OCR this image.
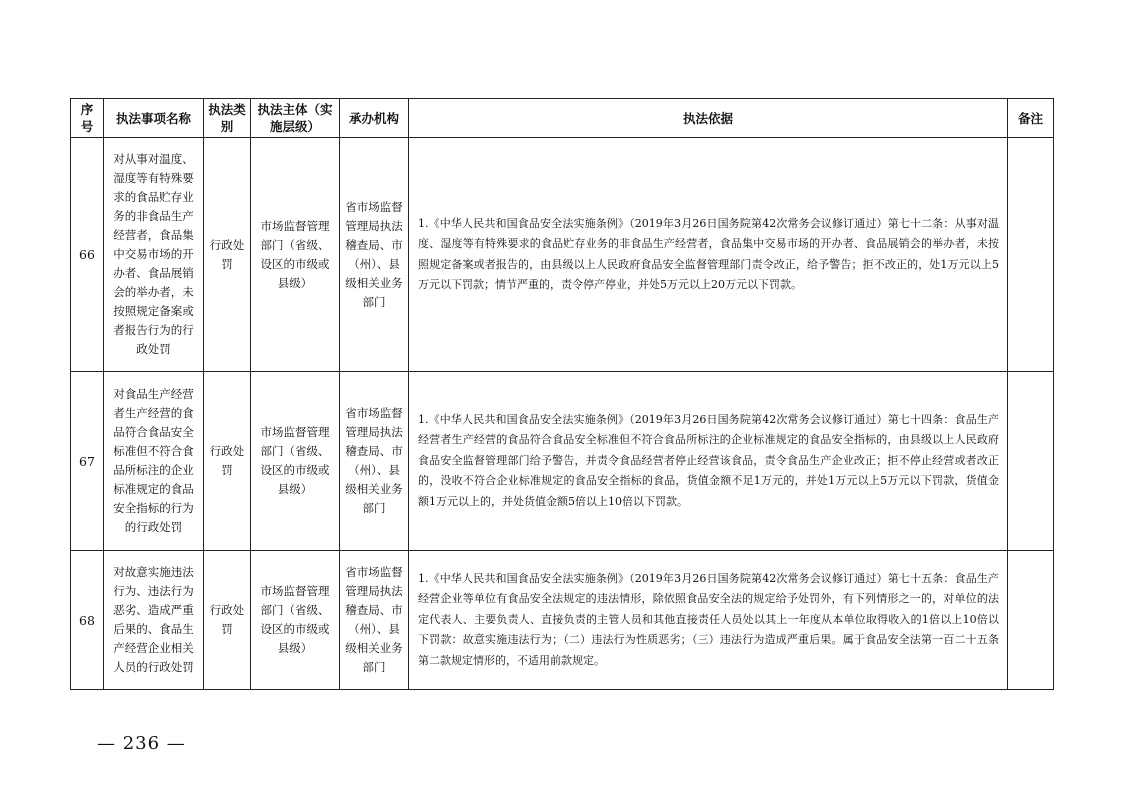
序号	执法事项名称	执法类别	执法主体（实施层级）	承办机构	执法依据	备注

66	对从事对温度、湿度等有特殊要求的食品贮存业务的非食品生产经营者，食品集中交易市场的开办者、食品展销会的举办者，未按照规定备案或者报告行为的行政处罚	行政处罚	市场监督管理部门（省级、设区的市级或县级）	省市场监督管理局执法稽查局、市（州）、县级相关业务部门	1.《中华人民共和国食品安全法实施条例》（2019年3月26日国务院第42次常务会议修订通过）第七十二条：从事对温度、湿度等有特殊要求的食品贮存业务的非食品生产经营者，食品集中交易市场的开办者、食品展销会的举办者，未按照规定备案或者报告的，由县级以上人民政府食品安全监督管理部门责令改正，给予警告；拒不改正的，处1万元以上5万元以下罚款；情节严重的，责令停产停业，并处5万元以上20万元以下罚款。	
67	对食品生产经营者生产经营的食品符合食品安全标准但不符合食品所标注的企业标准规定的食品安全指标的行为的行政处罚	行政处罚	市场监督管理部门（省级、设区的市级或县级）	省市场监督管理局执法稽查局、市（州）、县级相关业务部门	1.《中华人民共和国食品安全法实施条例》（2019年3月26日国务院第42次常务会议修订通过）第七十四条：食品生产经营者生产经营的食品符合食品安全标准但不符合食品所标注的企业标准规定的食品安全指标的，由县级以上人民政府食品安全监督管理部门给予警告，并责令食品经营者停止经营该食品，责令食品生产企业改正；拒不停止经营或者改正的，没收不符合企业标准规定的食品安全指标的食品，货值金额不足1万元的，并处1万元以上5万元以下罚款，货值金额1万元以上的，并处货值金额5倍以上10倍以下罚款。	
68	对故意实施违法行为、违法行为恶劣、造成严重后果的、食品生产经营企业相关人员的行政处罚	行政处罚	市场监督管理部门（省级、设区的市级或县级）	省市场监督管理局执法稽查局、市（州）、县级相关业务部门	1.《中华人民共和国食品安全法实施条例》（2019年3月26日国务院第42次常务会议修订通过）第七十五条：食品生产经营企业等单位有食品安全法规定的违法情形，除依照食品安全法的规定给予处罚外，有下列情形之一的，对单位的法定代表人、主要负责人、直接负责的主管人员和其他直接责任人员处以其上一年度从本单位取得收入的1倍以上10倍以下罚款：故意实施违法行为；（二）违法行为性质恶劣；（三）违法行为造成严重后果。属于食品安全法第一百二十五条第二款规定情形的，不适用前款规定。	
— 236 —
